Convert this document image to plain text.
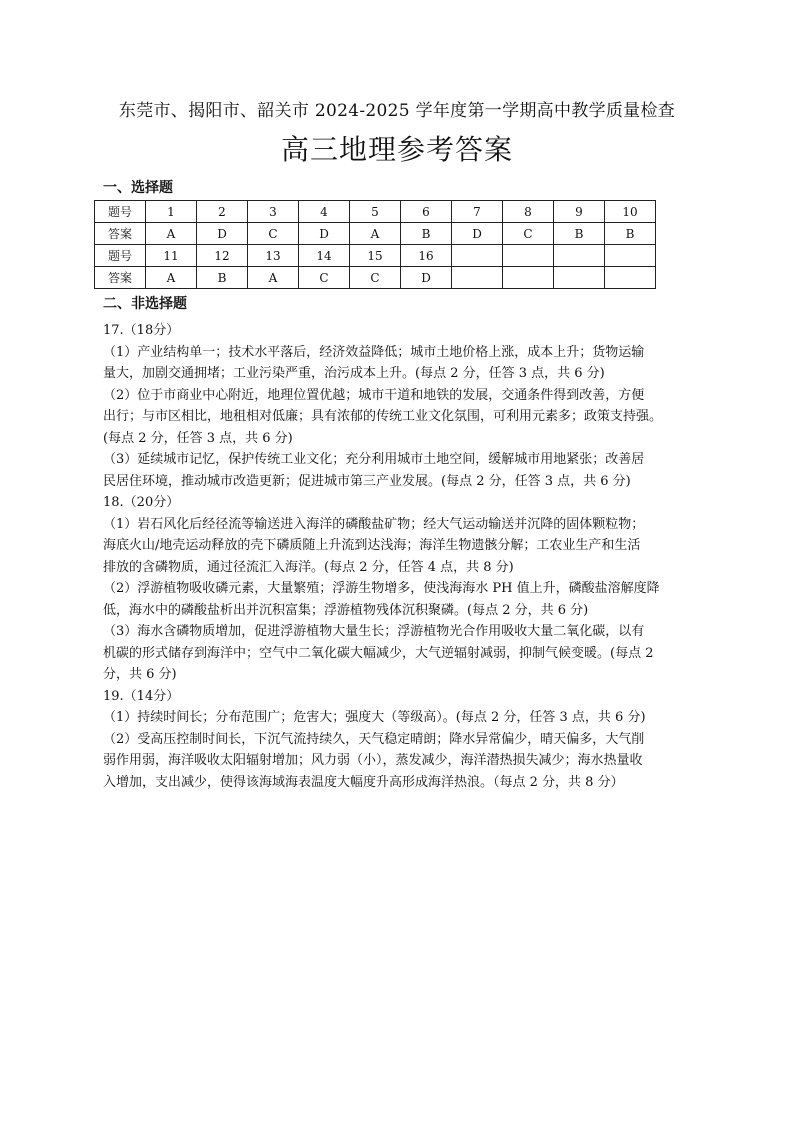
东莞市、揭阳市、韶关市 2024-2025 学年度第一学期高中教学质量检查
高三地理参考答案
一、选择题
题号	1	2	3	4	5	6	7	8	9	10
答案	A	D	C	D	A	B	D	C	B	B
题号	11	12	13	14	15	16				
答案	A	B	A	C	C	D				
二、非选择题
17.（18分）
（1）产业结构单一；技术水平落后，经济效益降低；城市土地价格上涨，成本上升；货物运输
量大，加剧交通拥堵；工业污染严重，治污成本上升。(每点 2 分，任答 3 点，共 6 分)
（2）位于市商业中心附近，地理位置优越；城市干道和地铁的发展，交通条件得到改善，方便
出行；与市区相比，地租相对低廉；具有浓郁的传统工业文化氛围，可利用元素多；政策支持强。
(每点 2 分，任答 3 点，共 6 分)
（3）延续城市记忆，保护传统工业文化；充分利用城市土地空间，缓解城市用地紧张；改善居
民居住环境，推动城市改造更新；促进城市第三产业发展。(每点 2 分，任答 3 点，共 6 分)
18.（20分）
（1）岩石风化后经径流等输送进入海洋的磷酸盐矿物；经大气运动输送并沉降的固体颗粒物；
海底火山/地壳运动释放的壳下磷质随上升流到达浅海；海洋生物遗骸分解；工农业生产和生活
排放的含磷物质，通过径流汇入海洋。(每点 2 分，任答 4 点，共 8 分)
（2）浮游植物吸收磷元素，大量繁殖；浮游生物增多，使浅海海水 PH 值上升，磷酸盐溶解度降
低，海水中的磷酸盐析出并沉积富集；浮游植物残体沉积聚磷。(每点 2 分，共 6 分)
（3）海水含磷物质增加，促进浮游植物大量生长；浮游植物光合作用吸收大量二氧化碳，以有
机碳的形式储存到海洋中；空气中二氧化碳大幅减少，大气逆辐射减弱，抑制气候变暖。(每点 2
分，共 6 分)
19.（14分）
（1）持续时间长；分布范围广；危害大；强度大（等级高）。(每点 2 分，任答 3 点，共 6 分)
（2）受高压控制时间长，下沉气流持续久，天气稳定晴朗；降水异常偏少，晴天偏多，大气削
弱作用弱，海洋吸收太阳辐射增加；风力弱（小），蒸发减少，海洋潜热损失减少；海水热量收
入增加，支出减少，使得该海域海表温度大幅度升高形成海洋热浪。（每点 2 分，共 8 分）
